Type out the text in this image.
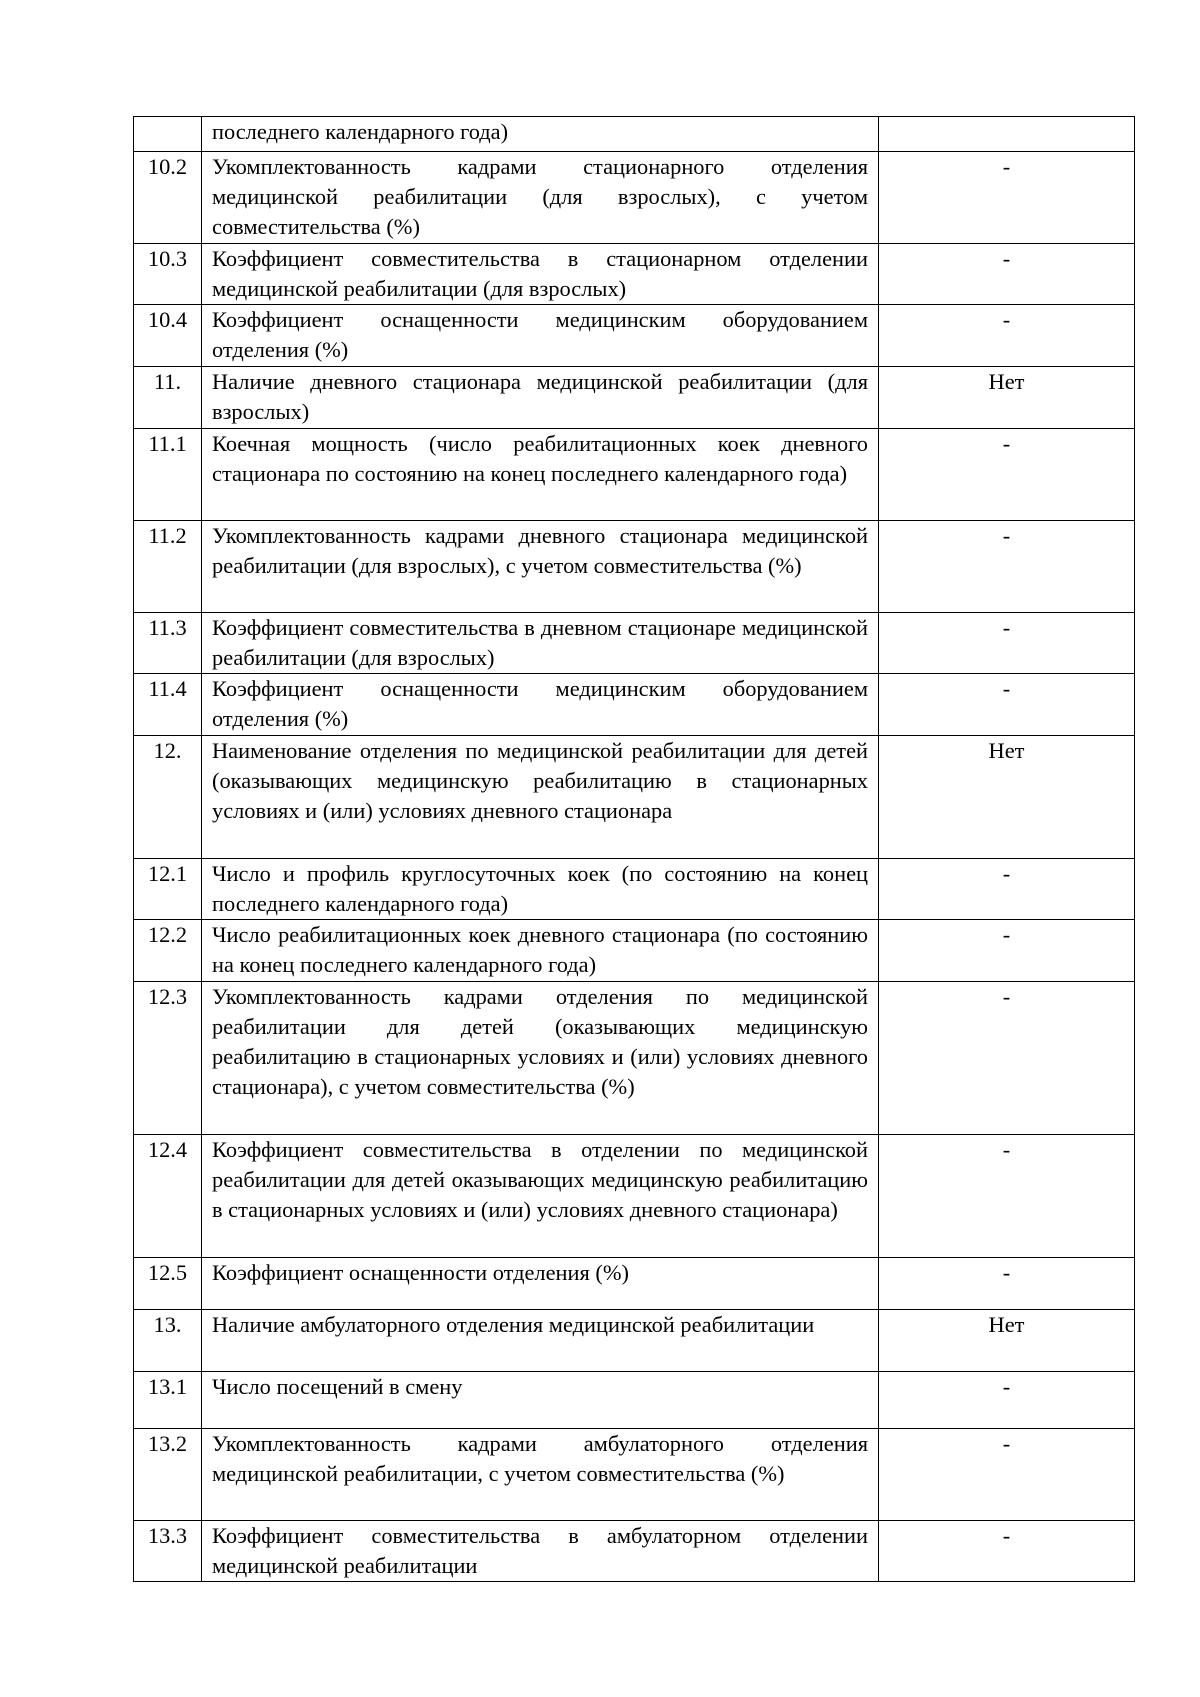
	последнего календарного года)	
10.2	Укомплектованность кадрами стационарного отделения медицинской реабилитации (для взрослых), с учетом совместительства (%)	-
10.3	Коэффициент совместительства в стационарном отделении медицинской реабилитации (для взрослых)	-
10.4	Коэффициент оснащенности медицинским оборудованием отделения (%)	-
11.	Наличие дневного стационара медицинской реабилитации (для взрослых)	Нет
11.1	Коечная мощность (число реабилитационных коек дневного стационара по состоянию на конец последнего календарного года)	-
11.2	Укомплектованность кадрами дневного стационара медицинской реабилитации (для взрослых), с учетом совместительства (%)	-
11.3	Коэффициент совместительства в дневном стационаре медицинской реабилитации (для взрослых)	-
11.4	Коэффициент оснащенности медицинским оборудованием отделения (%)	-
12.	Наименование отделения по медицинской реабилитации для детей (оказывающих медицинскую реабилитацию в стационарных условиях и (или) условиях дневного стационара	Нет
12.1	Число и профиль круглосуточных коек (по состоянию на конец последнего календарного года)	-
12.2	Число реабилитационных коек дневного стационара (по состоянию на конец последнего календарного года)	-
12.3	Укомплектованность кадрами отделения по медицинской реабилитации для детей (оказывающих медицинскую реабилитацию в стационарных условиях и (или) условиях дневного стационара), с учетом совместительства (%)	-
12.4	Коэффициент совместительства в отделении по медицинской реабилитации для детей оказывающих медицинскую реабилитацию в стационарных условиях и (или) условиях дневного стационара)	-
12.5	Коэффициент оснащенности отделения (%)	-
13.	Наличие амбулаторного отделения медицинской реабилитации	Нет
13.1	Число посещений в смену	-
13.2	Укомплектованность кадрами амбулаторного отделения медицинской реабилитации, с учетом совместительства (%)	-
13.3	Коэффициент совместительства в амбулаторном отделении медицинской реабилитации	-
